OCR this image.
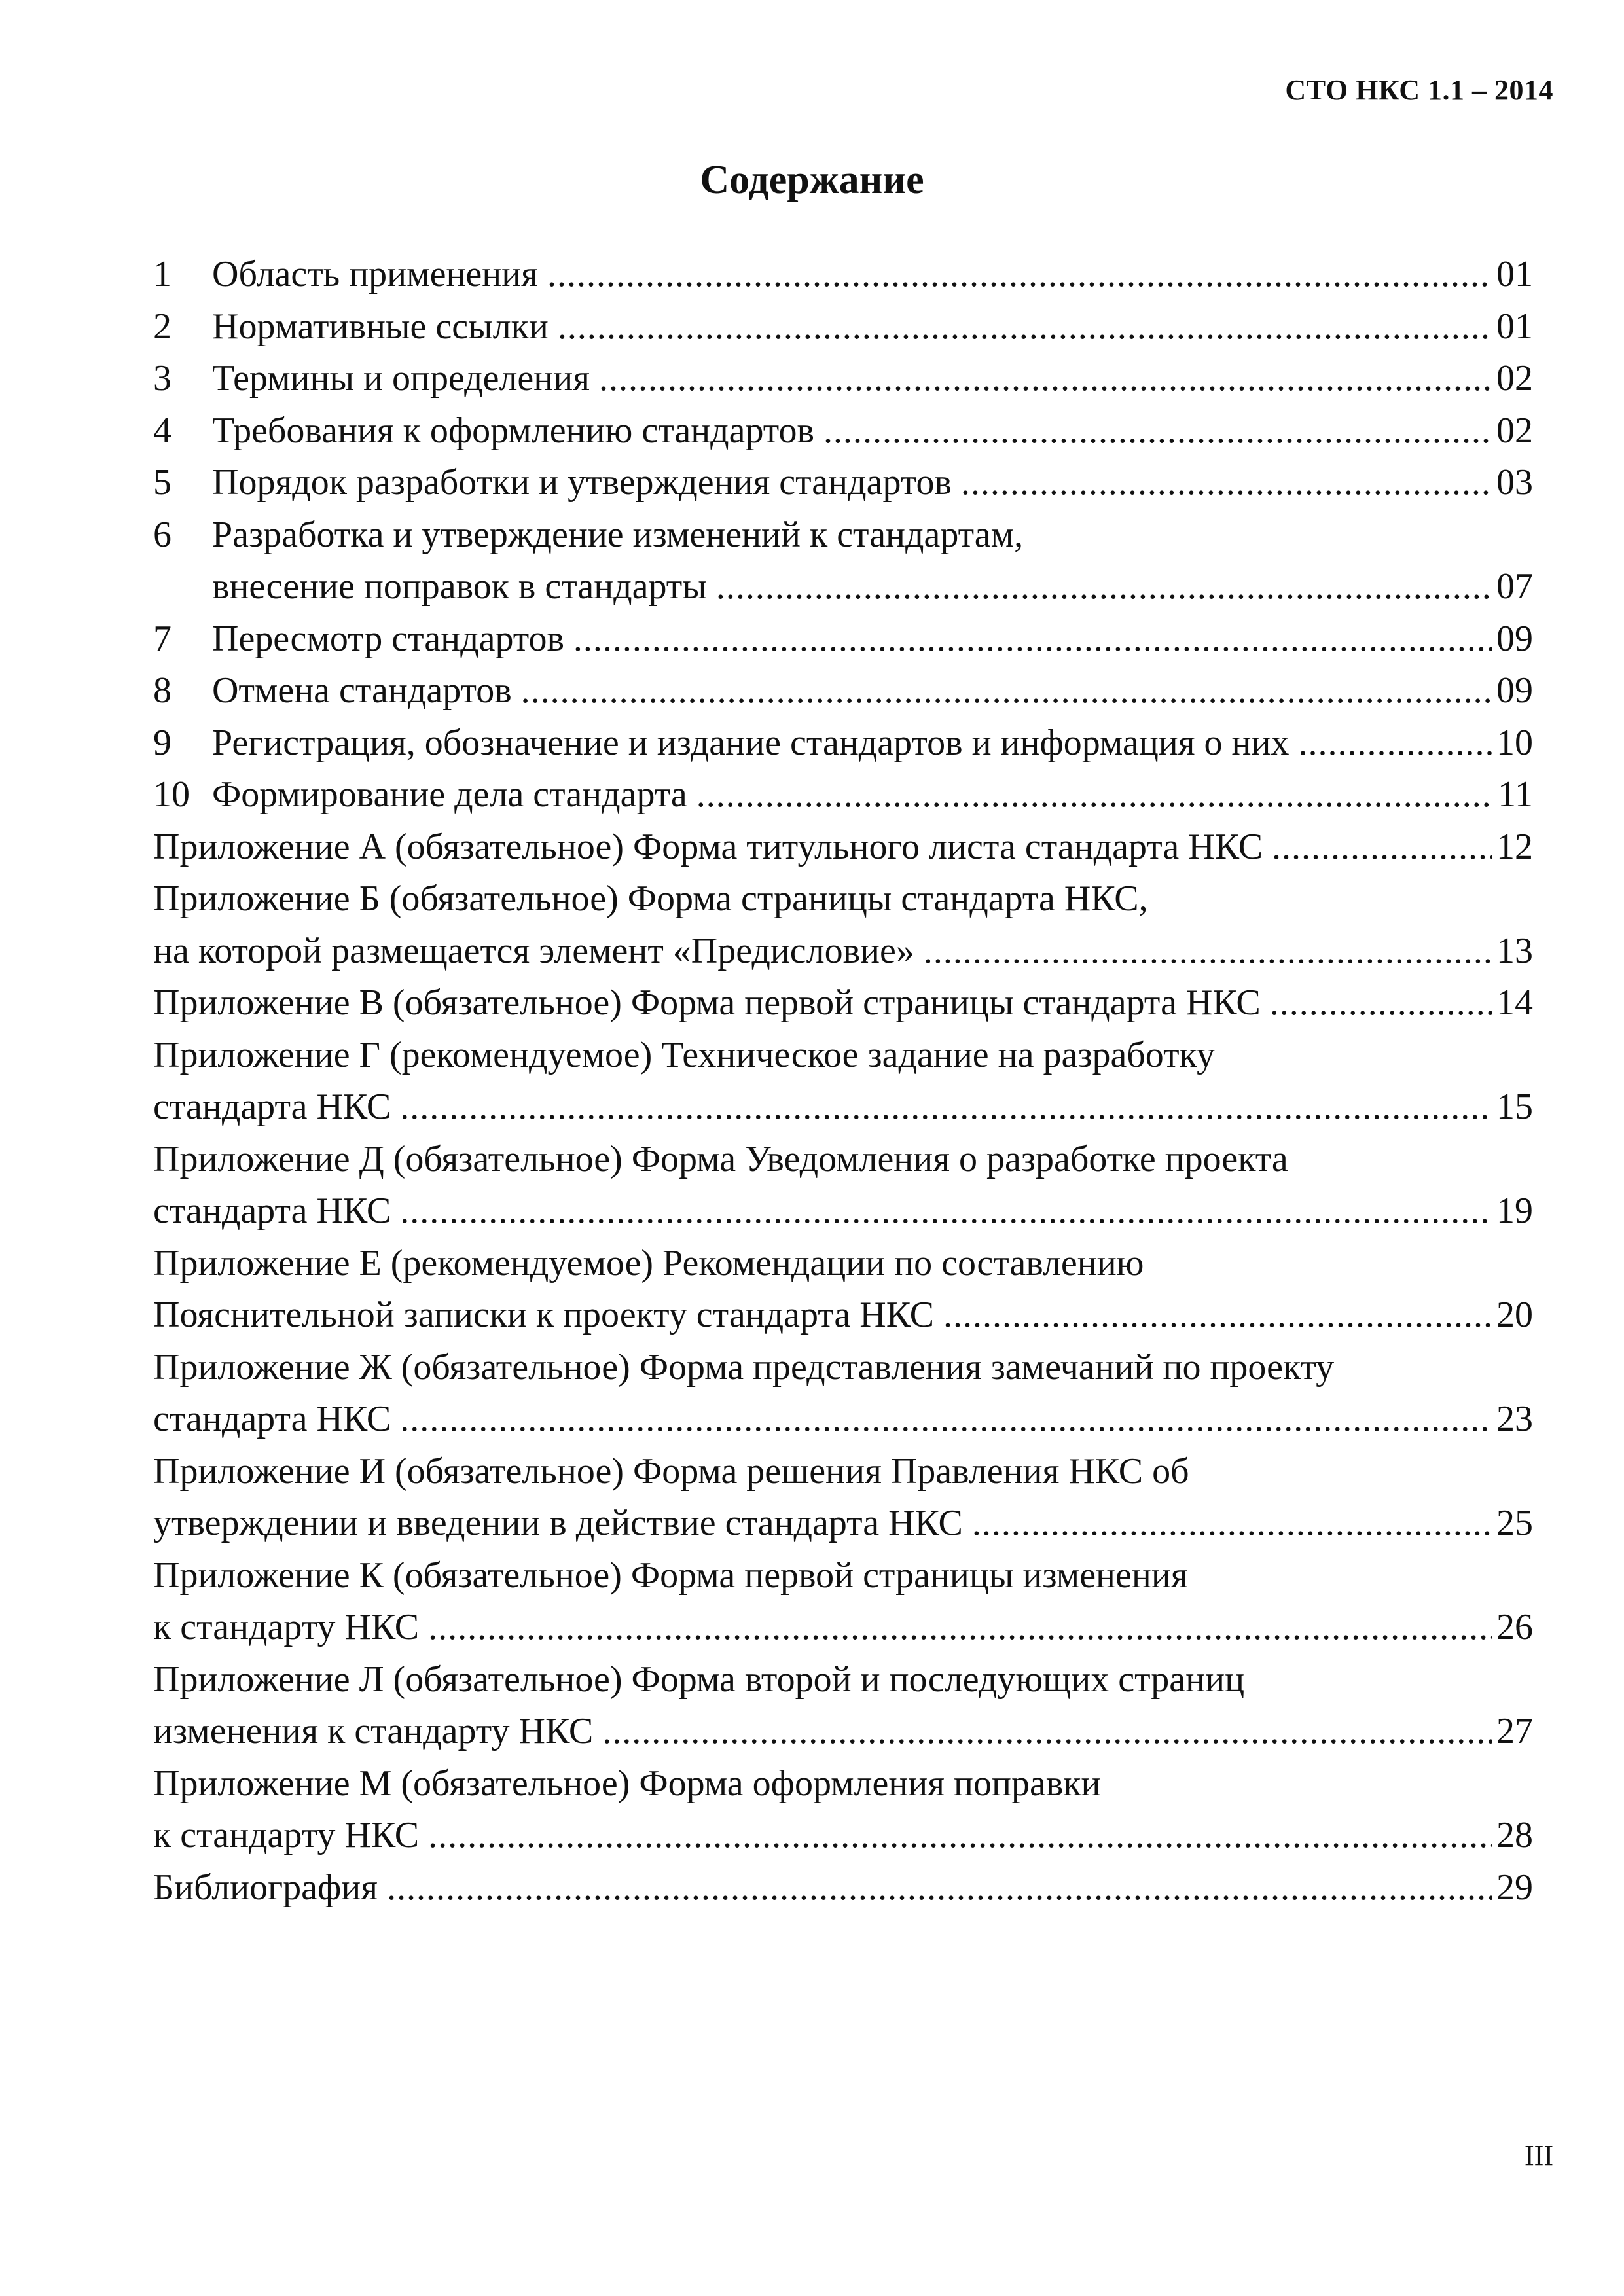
СТО НКС 1.1 – 2014
Содержание
1	Область применения .....	01
2	Нормативные ссылки .....	01
3	Термины и определения .....	02
4	Требования к оформлению стандартов .....	02
5	Порядок разработки и утверждения стандартов .....	03
6	Разработка и утверждение изменений к стандартам,
внесение поправок в стандарты .....	07
7	Пересмотр стандартов .....	09
8	Отмена стандартов .....	09
9	Регистрация, обозначение и издание стандартов и информация о них .....	10
10 Формирование дела стандарта .....	11
Приложение А (обязательное) Форма титульного листа стандарта НКС .....	12
Приложение Б (обязательное) Форма страницы стандарта НКС,
на которой размещается элемент «Предисловие» .....	13
Приложение В (обязательное) Форма первой страницы стандарта НКС .....	14
Приложение Г (рекомендуемое) Техническое задание на разработку
стандарта НКС .....	15
Приложение Д (обязательное) Форма Уведомления о разработке проекта
стандарта НКС .....	19
Приложение Е (рекомендуемое) Рекомендации по составлению
Пояснительной записки к проекту стандарта НКС .....	20
Приложение Ж (обязательное) Форма представления замечаний по проекту
стандарта НКС .....	23
Приложение И (обязательное) Форма решения Правления НКС об
утверждении и введении в действие стандарта НКС .....	25
Приложение К (обязательное) Форма первой страницы изменения
к стандарту НКС .....	26
Приложение Л (обязательное) Форма второй и последующих страниц
изменения к стандарту НКС .....	27
Приложение М (обязательное) Форма оформления поправки
к стандарту НКС .....	28
Библиография .....	29
III
